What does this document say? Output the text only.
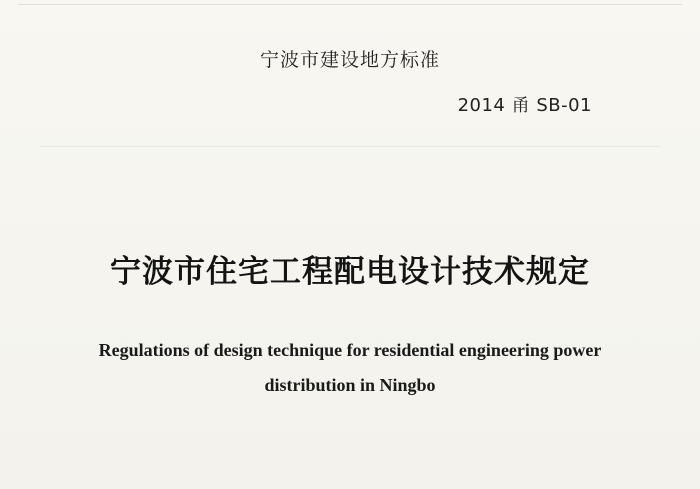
宁波市建设地方标准
2014 甬 SB-01
宁波市住宅工程配电设计技术规定
Regulations of design technique for residential engineering power
distribution in Ningbo
